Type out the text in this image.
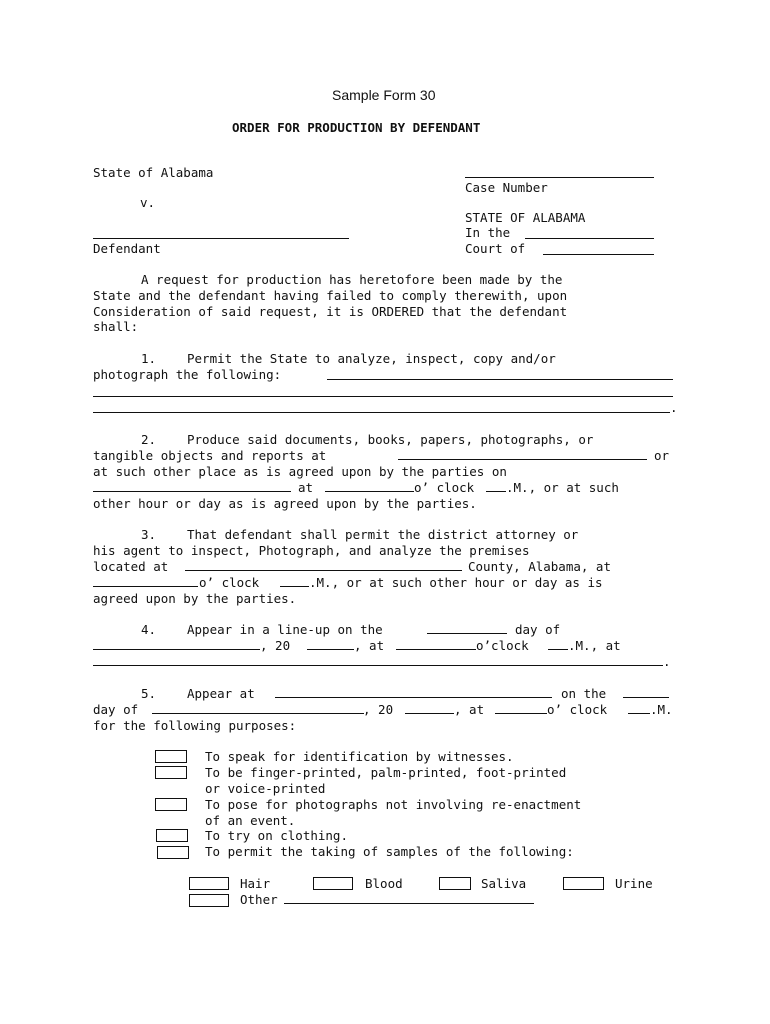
Sample Form 30
ORDER FOR PRODUCTION BY DEFENDANT
State of Alabama
Case Number
v.
STATE OF ALABAMA
In the
Defendant	Court of
A request for production has heretofore been made by the
State and the defendant having failed to comply therewith, upon
Consideration of said request, it is ORDERED that the defendant
shall:
1. Permit the State to analyze, inspect, copy and/or
photograph the following:
.
2. Produce said documents, books, papers, photographs, or
tangible objects and reports at	or
at such other place as is agreed upon by the parties on
at	o’ clock	.M., or at such
other hour or day as is agreed upon by the parties.
3. That defendant shall permit the district attorney or
his agent to inspect, Photograph, and analyze the premises
located at	County, Alabama, at
o’ clock	.M., or at such other hour or day as is
agreed upon by the parties.
4. Appear in a line-up on the	day of
, 20	, at	o’clock	.M., at
.
5. Appear at	on the
day of	, 20	, at	o’ clock	.M.
for the following purposes:
To speak for identification by witnesses.
To be finger-printed, palm-printed, foot-printed
or voice-printed
To pose for photographs not involving re-enactment
of an event.
To try on clothing.
To permit the taking of samples of the following:
Hair	Blood	Saliva	Urine
Other
